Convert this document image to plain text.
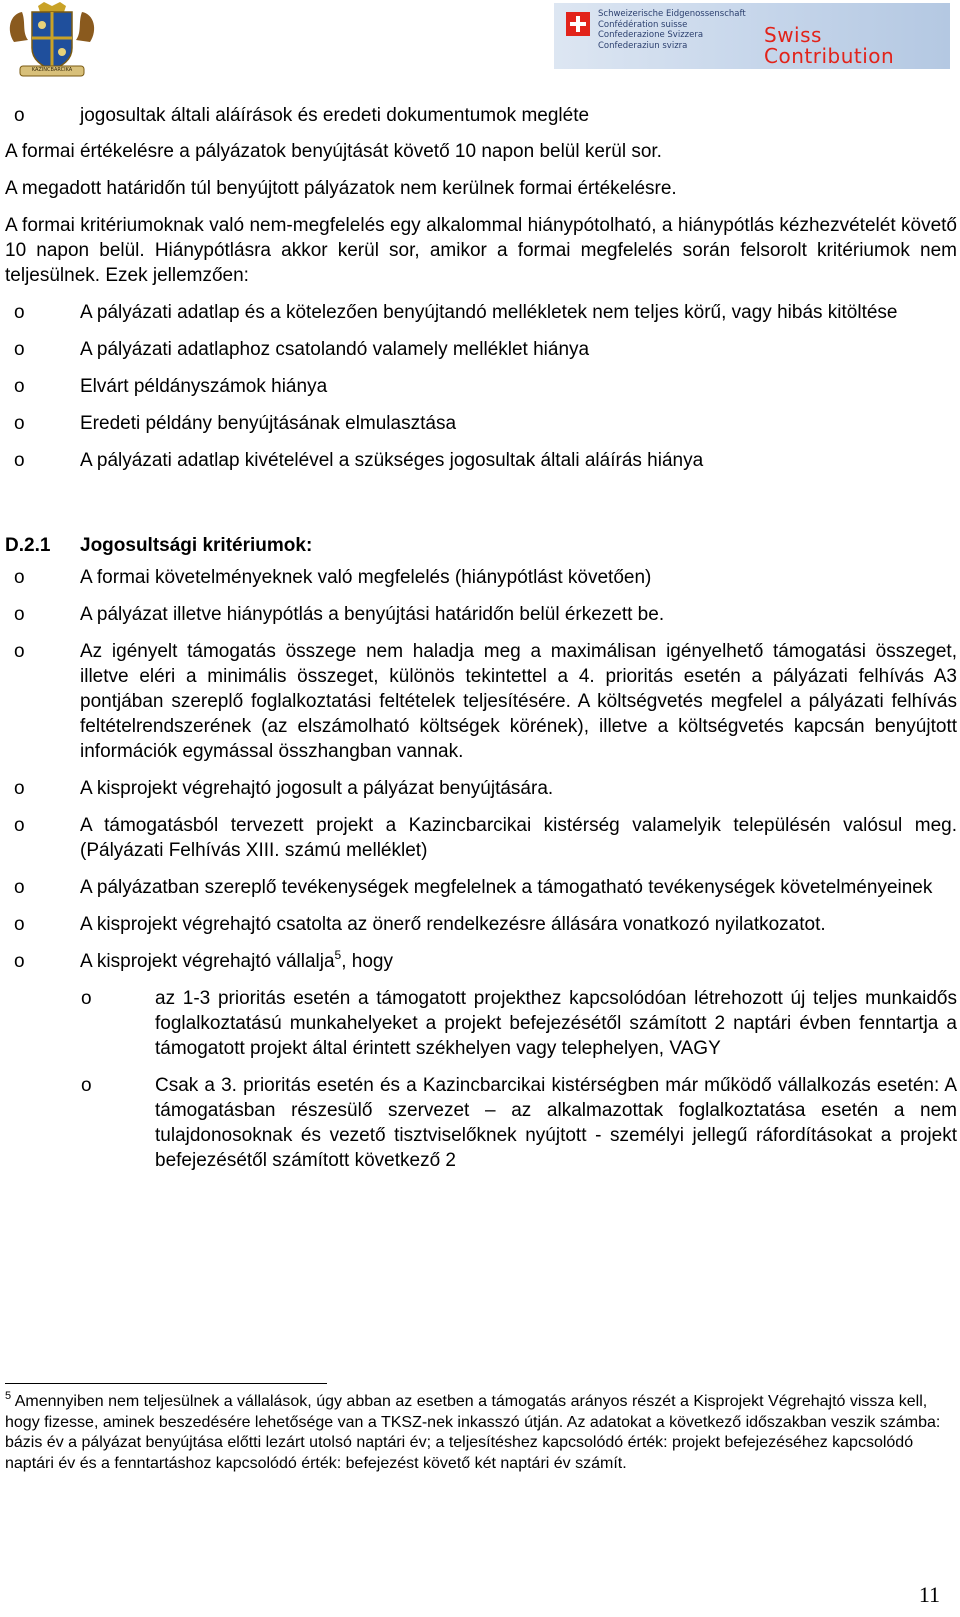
KAZINCBARCIKA
Schweizerische Eidgenossenschaft
Confédération suisse
Confederazione Svizzera
Confederaziun svizra	Swiss
Contribution
o	jogosultak általi aláírások és eredeti dokumentumok megléte

A formai értékelésre a pályázatok benyújtását követő 10 napon belül kerül sor.

A megadott határidőn túl benyújtott pályázatok nem kerülnek formai értékelésre.

A formai kritériumoknak való nem-megfelelés egy alkalommal hiánypótolható, a hiánypótlás kézhezvételét követő 10 napon belül. Hiánypótlásra akkor kerül sor, amikor a formai megfelelés során felsorolt kritériumok nem teljesülnek. Ezek jellemzően:

o	A pályázati adatlap és a kötelezően benyújtandó mellékletek nem teljes körű, vagy hibás kitöltése

o	A pályázati adatlaphoz csatolandó valamely melléklet hiánya

o	Elvárt példányszámok hiánya

o	Eredeti példány benyújtásának elmulasztása

o	A pályázati adatlap kivételével a szükséges jogosultak általi aláírás hiánya

D.2.1	Jogosultsági kritériumok:
o	A formai követelményeknek való megfelelés (hiánypótlást követően)

o	A pályázat illetve hiánypótlás a benyújtási határidőn belül érkezett be.

o	Az igényelt támogatás összege nem haladja meg a maximálisan igényelhető támogatási összeget, illetve eléri a minimális összeget, különös tekintettel a 4. prioritás esetén a pályázati felhívás A3 pontjában szereplő foglalkoztatási feltételek teljesítésére. A költségvetés megfelel a pályázati felhívás feltételrendszerének (az elszámolható költségek körének), illetve a költségvetés kapcsán benyújtott információk egymással összhangban vannak.

o	A kisprojekt végrehajtó jogosult a pályázat benyújtására.

o	A támogatásból tervezett projekt a Kazincbarcikai kistérség valamelyik településén valósul meg. (Pályázati Felhívás XIII. számú melléklet)

o	A pályázatban szereplő tevékenységek megfelelnek a támogatható tevékenységek követelményeinek

o	A kisprojekt végrehajtó csatolta az önerő rendelkezésre állására vonatkozó nyilatkozatot.

o	A kisprojekt végrehajtó vállalja$^5$, hogy

o	az 1-3 prioritás esetén a támogatott projekthez kapcsolódóan létrehozott új teljes munkaidős foglalkoztatású munkahelyeket a projekt befejezésétől számított 2 naptári évben fenntartja a támogatott projekt által érintett székhelyen vagy telephelyen, VAGY

o	Csak a 3. prioritás esetén és a Kazincbarcikai kistérségben már működő vállalkozás esetén: A támogatásban részesülő szervezet – az alkalmazottak foglalkoztatása esetén a nem tulajdonosoknak és vezető tisztviselőknek nyújtott - személyi jellegű ráfordításokat a projekt befejezésétől számított következő 2

$^5$ Amennyiben nem teljesülnek a vállalások, úgy abban az esetben a támogatás arányos részét a Kisprojekt Végrehajtó vissza kell, hogy fizesse, aminek beszedésére lehetősége van a TKSZ-nek inkasszó útján. Az adatokat a következő időszakban veszik számba: bázis év a pályázat benyújtása előtti lezárt utolsó naptári év; a teljesítéshez kapcsolódó érték: projekt befejezéséhez kapcsolódó naptári év és a fenntartáshoz kapcsolódó érték: befejezést követő két naptári év számít.
11
